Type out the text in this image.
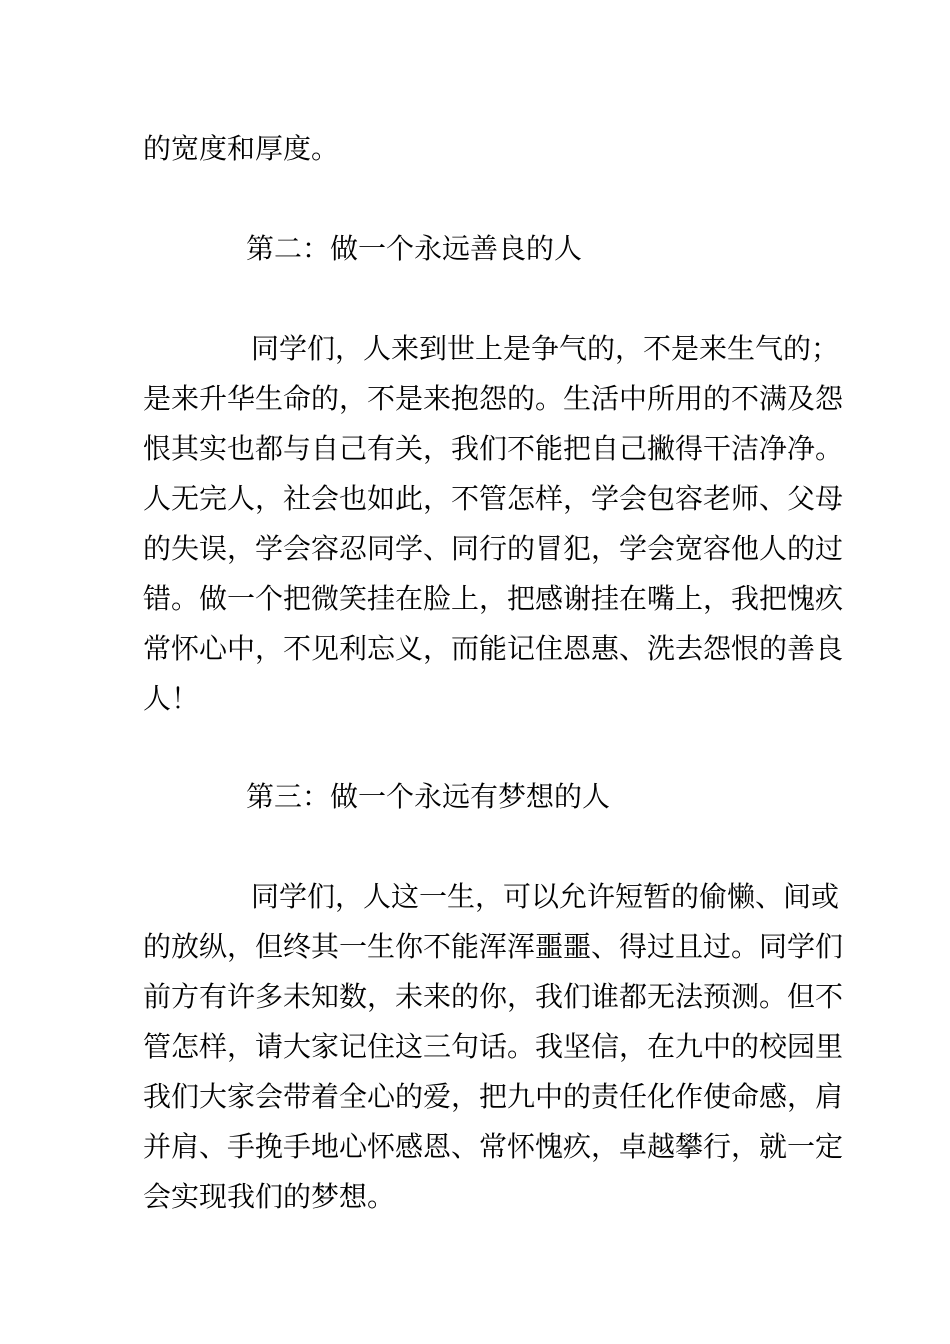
的宽度和厚度。
第二：做一个永远善良的人
同学们，人来到世上是争气的，不是来生气的；
是来升华生命的，不是来抱怨的。生活中所用的不满及怨
恨其实也都与自己有关，我们不能把自己撇得干洁净净。
人无完人，社会也如此，不管怎样，学会包容老师、父母
的失误，学会容忍同学、同行的冒犯，学会宽容他人的过
错。做一个把微笑挂在脸上，把感谢挂在嘴上，我把愧疚
常怀心中，不见利忘义，而能记住恩惠、洗去怨恨的善良
人！
第三：做一个永远有梦想的人
同学们，人这一生，可以允许短暂的偷懒、间或
的放纵，但终其一生你不能浑浑噩噩、得过且过。同学们
前方有许多未知数，未来的你，我们谁都无法预测。但不
管怎样，请大家记住这三句话。我坚信，在九中的校园里
我们大家会带着全心的爱，把九中的责任化作使命感，肩
并肩、手挽手地心怀感恩、常怀愧疚，卓越攀行，就一定
会实现我们的梦想。
